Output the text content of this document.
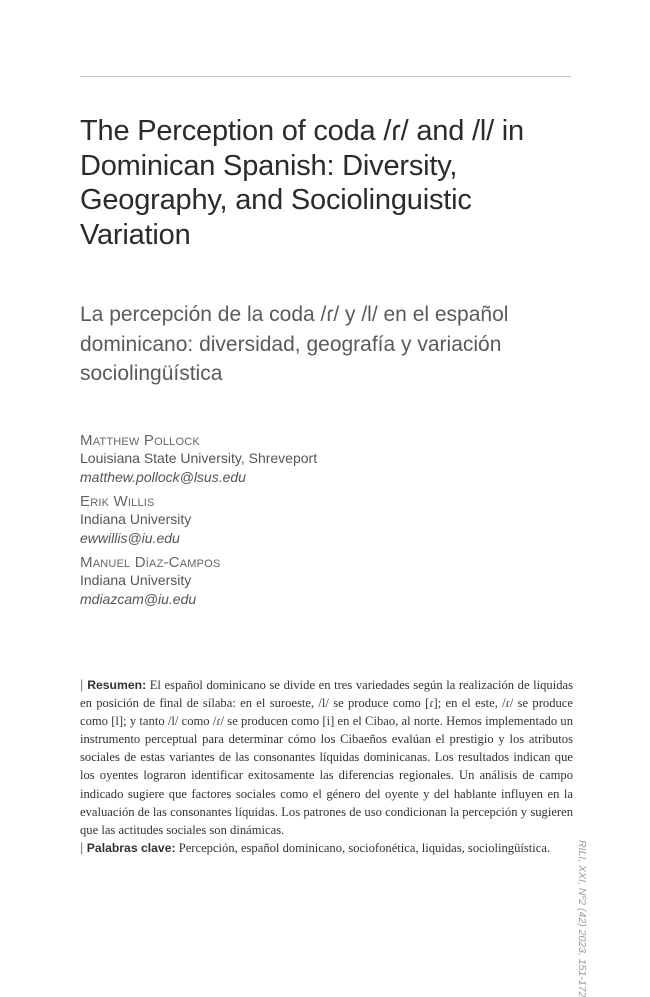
The Perception of coda /ɾ/ and /l/ in Dominican Spanish: Diversity, Geography, and Sociolinguistic Variation
La percepción de la coda /ɾ/ y /l/ en el español dominicano: diversidad, geografía y variación sociolingüística
Matthew Pollock
Louisiana State University, Shreveport
matthew.pollock@lsus.edu
Erik Willis
Indiana University
ewwillis@iu.edu
Manuel Díaz-Campos
Indiana University
mdiazcam@iu.edu

| Resumen: El español dominicano se divide en tres variedades según la realización de liquidas en posición de final de sílaba: en el suroeste, /l/ se produce como [ɾ]; en el este, /ɾ/ se produce como [l]; y tanto /l/ como /ɾ/ se producen como [i] en el Cibao, al norte. Hemos implementado un instrumento perceptual para determinar cómo los Cibaeños evalúan el prestigio y los atributos sociales de estas variantes de las consonantes líquidas dominicanas. Los resultados indican que los oyentes lograron identificar exitosamente las diferencias regionales. Un análisis de campo indicado sugiere que factores sociales como el género del oyente y del hablante influyen en la evaluación de las consonantes líquidas. Los patrones de uso condicionan la percepción y sugieren que las actitudes sociales son dinámicas.

| Palabras clave: Percepción, español dominicano, sociofonética, liquidas, sociolingüística.	RILI, XXI, Nº2 (42) 2023, 151-172
